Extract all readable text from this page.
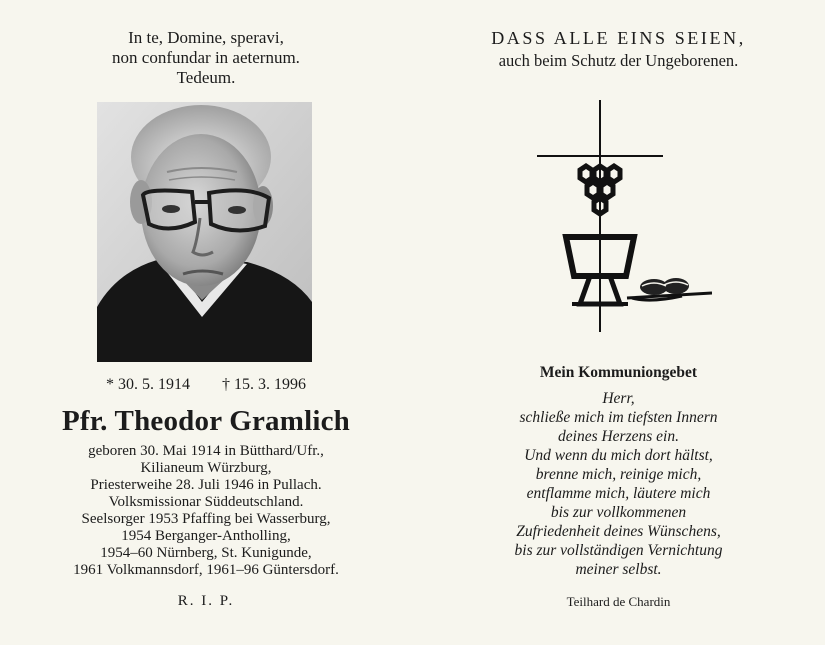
In te, Domine, speravi,
non confundar in aeternum.
Tedeum.
* 30. 5. 1914 † 15. 3. 1996
Pfr. Theodor Gramlich
geboren 30. Mai 1914 in Bütthard/Ufr.,
Kilianeum Würzburg,
Priesterweihe 28. Juli 1946 in Pullach.
Volksmissionar Süddeutschland.
Seelsorger 1953 Pfaffing bei Wasserburg,
1954 Berganger-Antholling,
1954–60 Nürnberg, St. Kunigunde,
1961 Volkmannsdorf, 1961–96 Güntersdorf.
R. I. P.
DASS ALLE EINS SEIEN,
auch beim Schutz der Ungeborenen.
Mein Kommuniongebet
Herr,
schließe mich im tiefsten Innern
deines Herzens ein.
Und wenn du mich dort hältst,
brenne mich, reinige mich,
entflamme mich, läutere mich
bis zur vollkommenen
Zufriedenheit deines Wünschens,
bis zur vollständigen Vernichtung
meiner selbst.
Teilhard de Chardin
